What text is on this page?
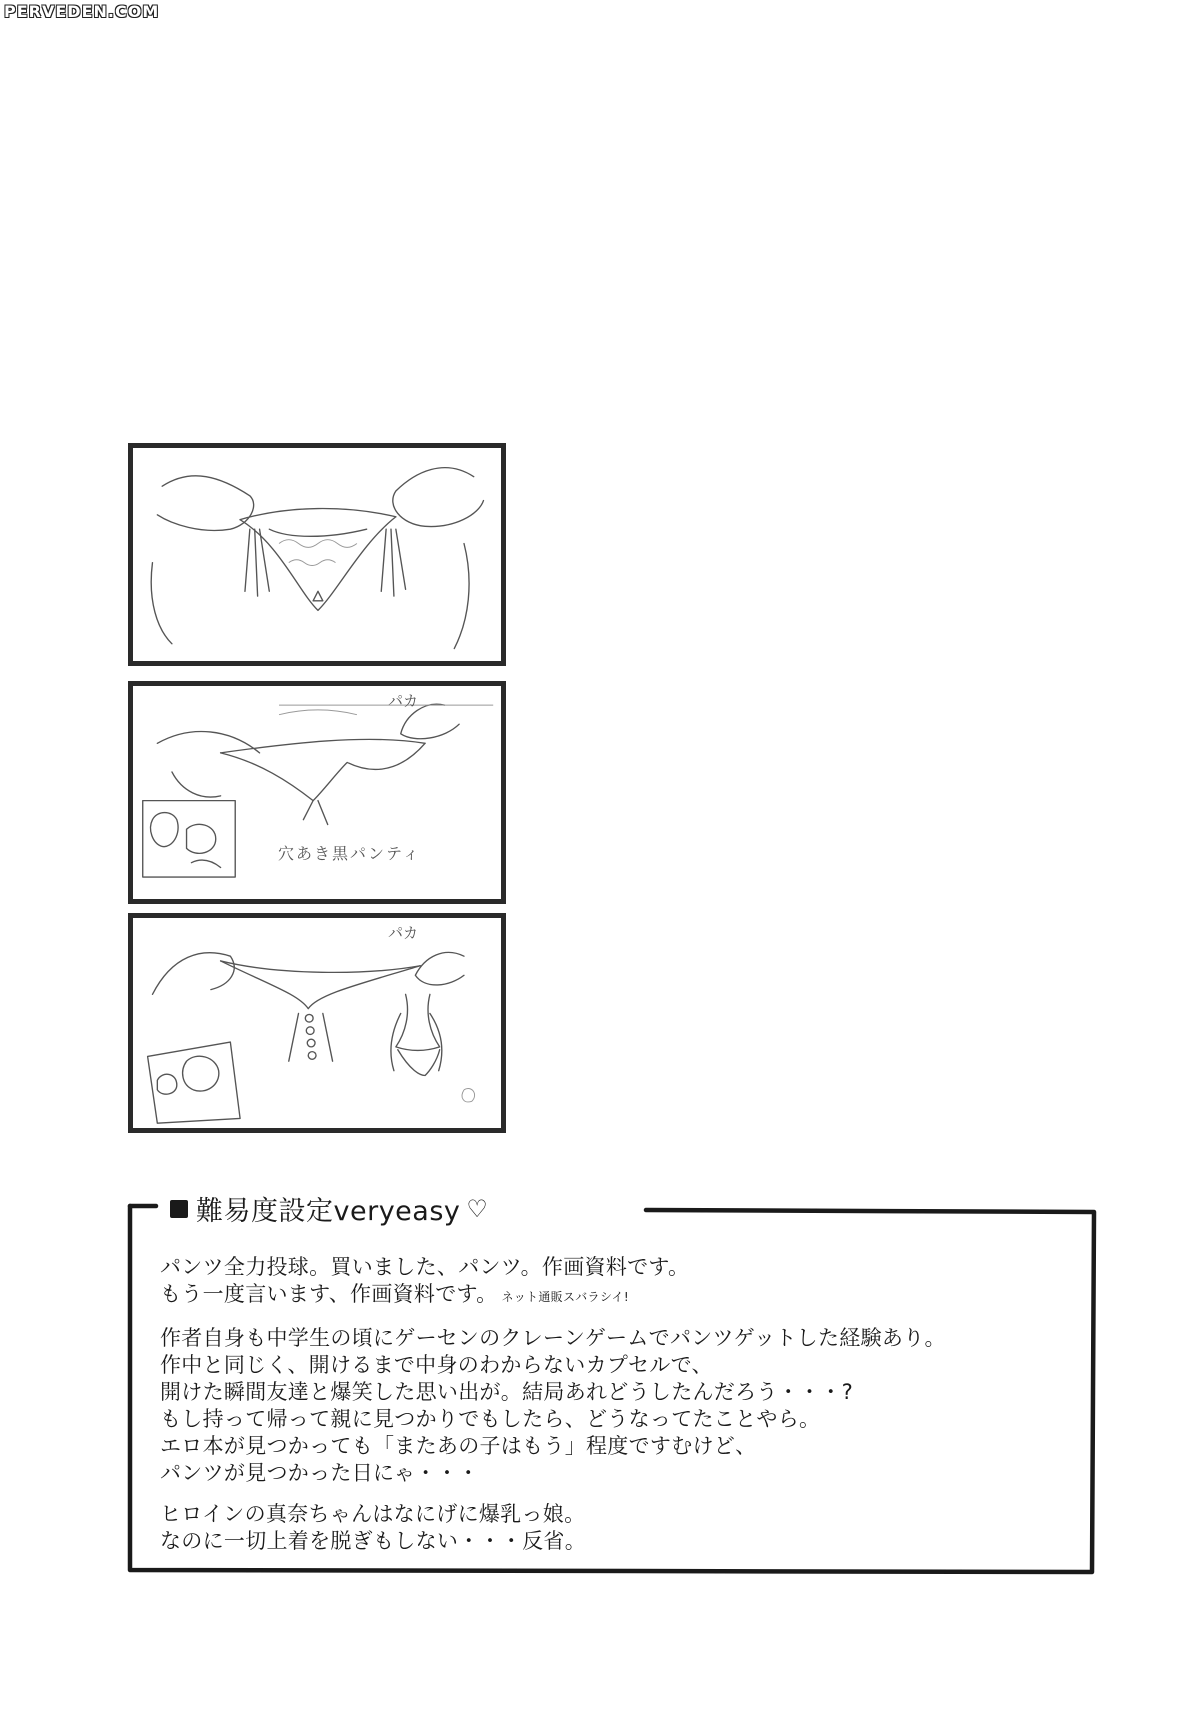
PERVEDEN.COM
パカ
穴あき黒パンティ
パカ
難易度設定veryeasy ♡

パンツ全力投球。買いました、パンツ。作画資料です。
もう一度言います、作画資料です。 ネット通販スバラシイ!

作者自身も中学生の頃にゲーセンのクレーンゲームでパンツゲットした経験あり。
作中と同じく、開けるまで中身のわからないカプセルで、
開けた瞬間友達と爆笑した思い出が。結局あれどうしたんだろう・・・?
もし持って帰って親に見つかりでもしたら、どうなってたことやら。
エロ本が見つかっても「またあの子はもう」程度ですむけど、
パンツが見つかった日にゃ・・・

ヒロインの真奈ちゃんはなにげに爆乳っ娘。
なのに一切上着を脱ぎもしない・・・反省。
